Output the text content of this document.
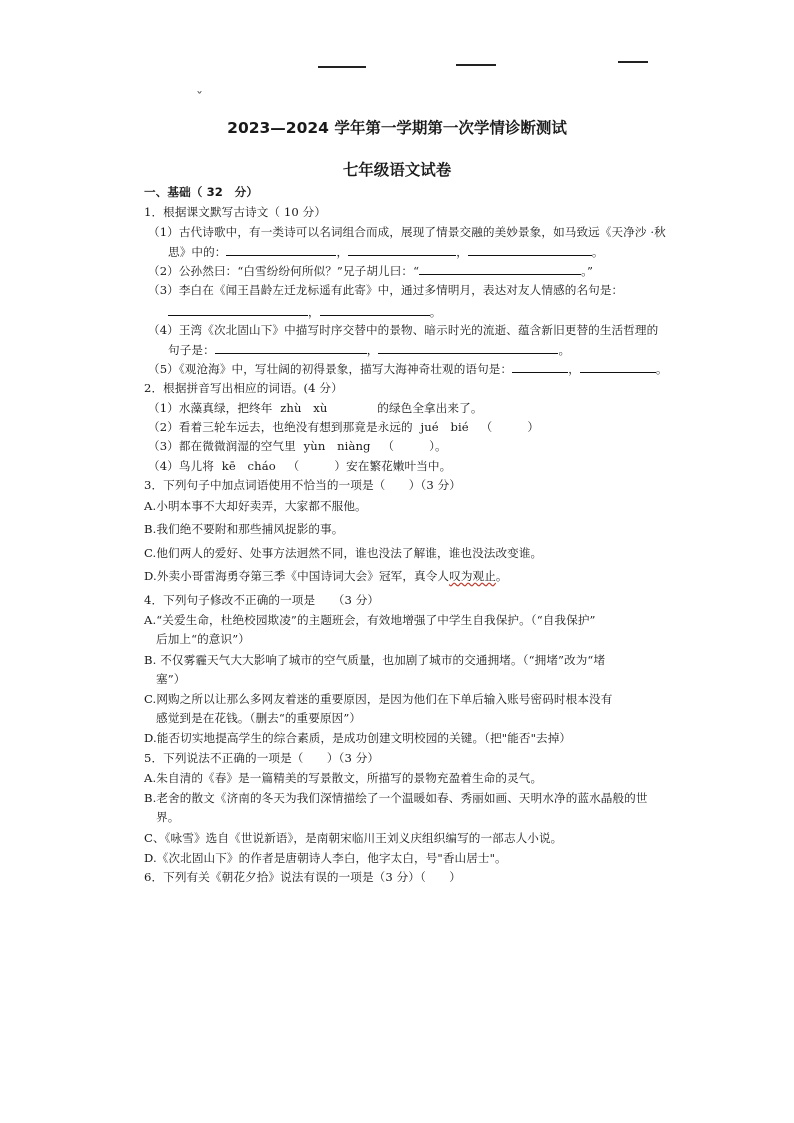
ˇ
2023—2024 学年第一学期第一次学情诊断测试
七年级语文试卷
一、基础（ 32　分）
1．根据课文默写古诗文（ 10 分）
（1）古代诗歌中，有一类诗可以名词组合而成，展现了情景交融的美妙景象，如马致远《天净沙 ·秋
思》中的：	，	，	。
（2）公孙然曰：“白雪纷纷何所似？”兄子胡儿曰：“	。”
（3）李白在《闻王昌龄左迁龙标遥有此寄》中，通过多情明月，表达对友人情感的名句是：
，	。
（4）王湾《次北固山下》中描写时序交替中的景物、暗示时光的流逝、蕴含新旧更替的生活哲理的
句子是：	，	。
（5）《观沧海》中，写壮阔的初得景象，描写大海神奇壮观的语句是：	，	。
2．根据拼音写出相应的词语。(4 分）
（1）水藻真绿，把终年 zhù　xù	的绿色全拿出来了。
（2）看着三轮车远去，也绝没有想到那竟是永远的 jué　bié （　　　）
（3）都在微微润湿的空气里 yùn　niàng （　　　）。
（4）鸟儿将 kē　cháo （　　　）安在繁花嫩叶当中。
3．下列句子中加点词语使用不恰当的一项是（　　）（3 分）
A.小明本事不大却好卖弄，大家都不服他。
B.我们绝不要附和那些捕风捉影的事。
C.他们两人的爱好、处事方法迥然不同，谁也没法了解谁，谁也没法改变谁。
D.外卖小哥雷海勇夺第三季《中国诗词大会》冠军，真令人叹为观止。
4．下列句子修改不正确的一项是　　（3 分）
A.“关爱生命，杜绝校园欺凌”的主题班会，有效地增强了中学生自我保护。（“自我保护”
后加上“的意识”）
B. 不仅雾霾天气大大影响了城市的空气质量，也加剧了城市的交通拥堵。（“拥堵”改为“堵
塞”）
C.网购之所以让那么多网友着迷的重要原因，是因为他们在下单后输入账号密码时根本没有
感觉到是在花钱。（删去“的重要原因”）
D.能否切实地提高学生的综合素质，是成功创建文明校园的关键。（把"能否"去掉）
5．下列说法不正确的一项是（　　）（3 分）
A.朱自清的《春》是一篇精美的写景散文，所描写的景物充盈着生命的灵气。
B.老舍的散文《济南的冬天为我们深情描绘了一个温暖如春、秀丽如画、天明水净的蓝水晶般的世
界。
C、《咏雪》选自《世说新语》，是南朝宋临川王刘义庆组织编写的一部志人小说。
D.《次北固山下》的作者是唐朝诗人李白，他字太白，号"香山居士"。
6．下列有关《朝花夕拾》说法有误的一项是（3 分）（　　）
